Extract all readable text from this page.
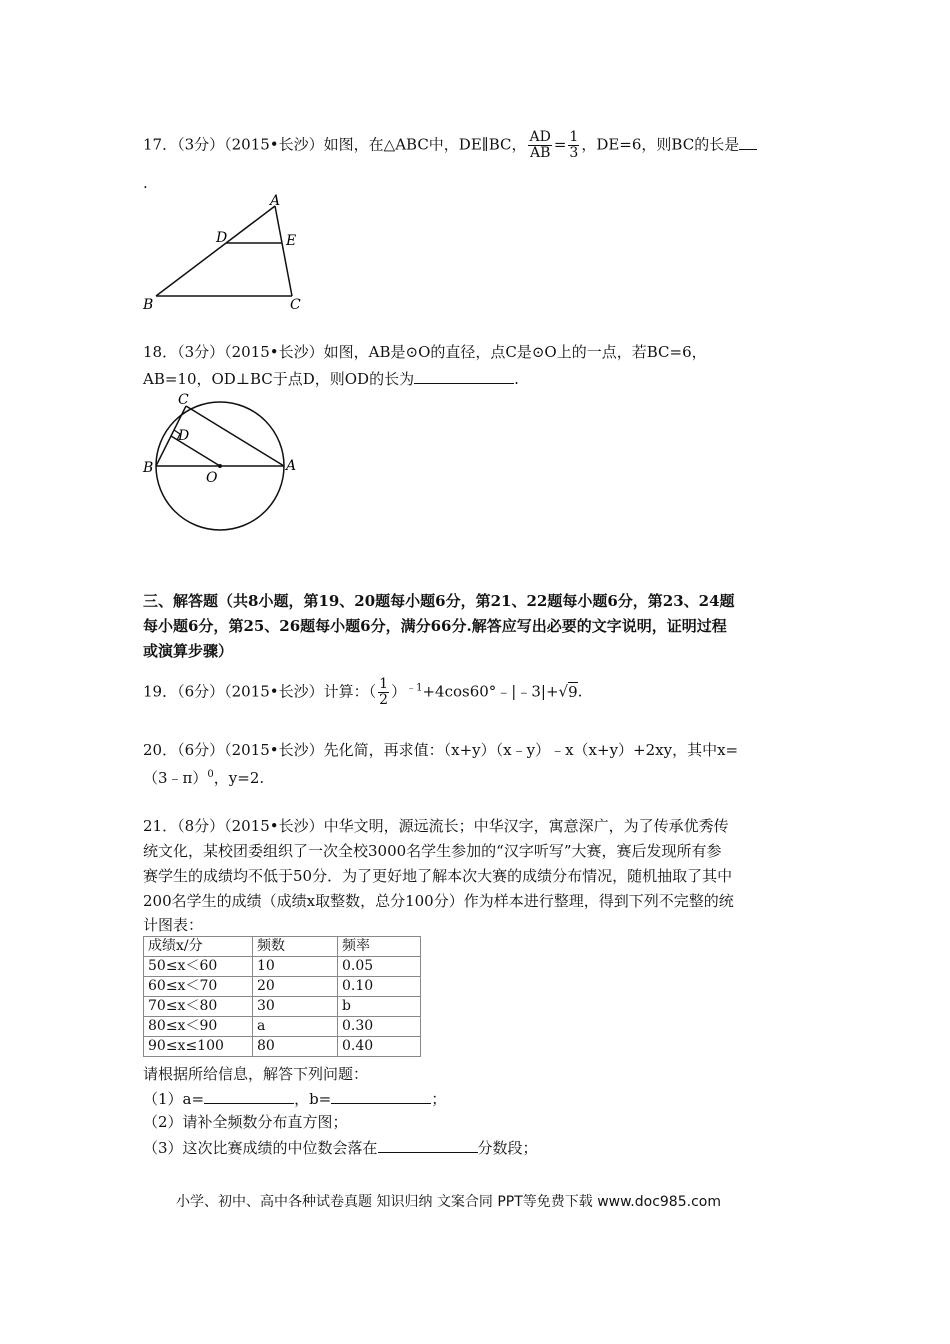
17．（3分）（2015•长沙）如图，在△ABC中，DE∥BC， $\frac{AD}{AB} = \frac{1}{3}$ ，DE=6，则BC的长是
.
A
D	E
B	C
18．（3分）（2015•长沙）如图，AB是⊙O的直径，点C是⊙O上的一点，若BC=6，
AB=10，OD⊥BC于点D，则OD的长为	.
C
D
B
O
A
三、解答题（共8小题，第19、20题每小题6分，第21、22题每小题6分，第23、24题
每小题6分，第25、26题每小题6分，满分66分.解答应写出必要的文字说明，证明过程
或演算步骤）
19．（6分）（2015•长沙）计算：（ $\frac{1}{2}$ ）$^{﹣1}$+4cos60°﹣|﹣3|+√9.
20．（6分）（2015•长沙）先化简，再求值：（x+y）（x﹣y）﹣x（x+y）+2xy，其中x=
（3﹣π）$^0$，y=2.
21．（8分）（2015•长沙）中华文明，源远流长；中华汉字，寓意深广，为了传承优秀传
统文化，某校团委组织了一次全校3000名学生参加的“汉字听写”大赛，赛后发现所有参
赛学生的成绩均不低于50分．为了更好地了解本次大赛的成绩分布情况，随机抽取了其中
200名学生的成绩（成绩x取整数，总分100分）作为样本进行整理，得到下列不完整的统
计图表：
成绩x/分	频数	频率
50≤x＜60	10	0.05
60≤x＜70	20	0.10
70≤x＜80	30	b
80≤x＜90	a	0.30
90≤x≤100	80	0.40
请根据所给信息，解答下列问题：
（1）a=	，b=	；
（2）请补全频数分布直方图；
（3）这次比赛成绩的中位数会落在	分数段；
小学、初中、高中各种试卷真题 知识归纳 文案合同 PPT等免费下载 www.doc985.com
